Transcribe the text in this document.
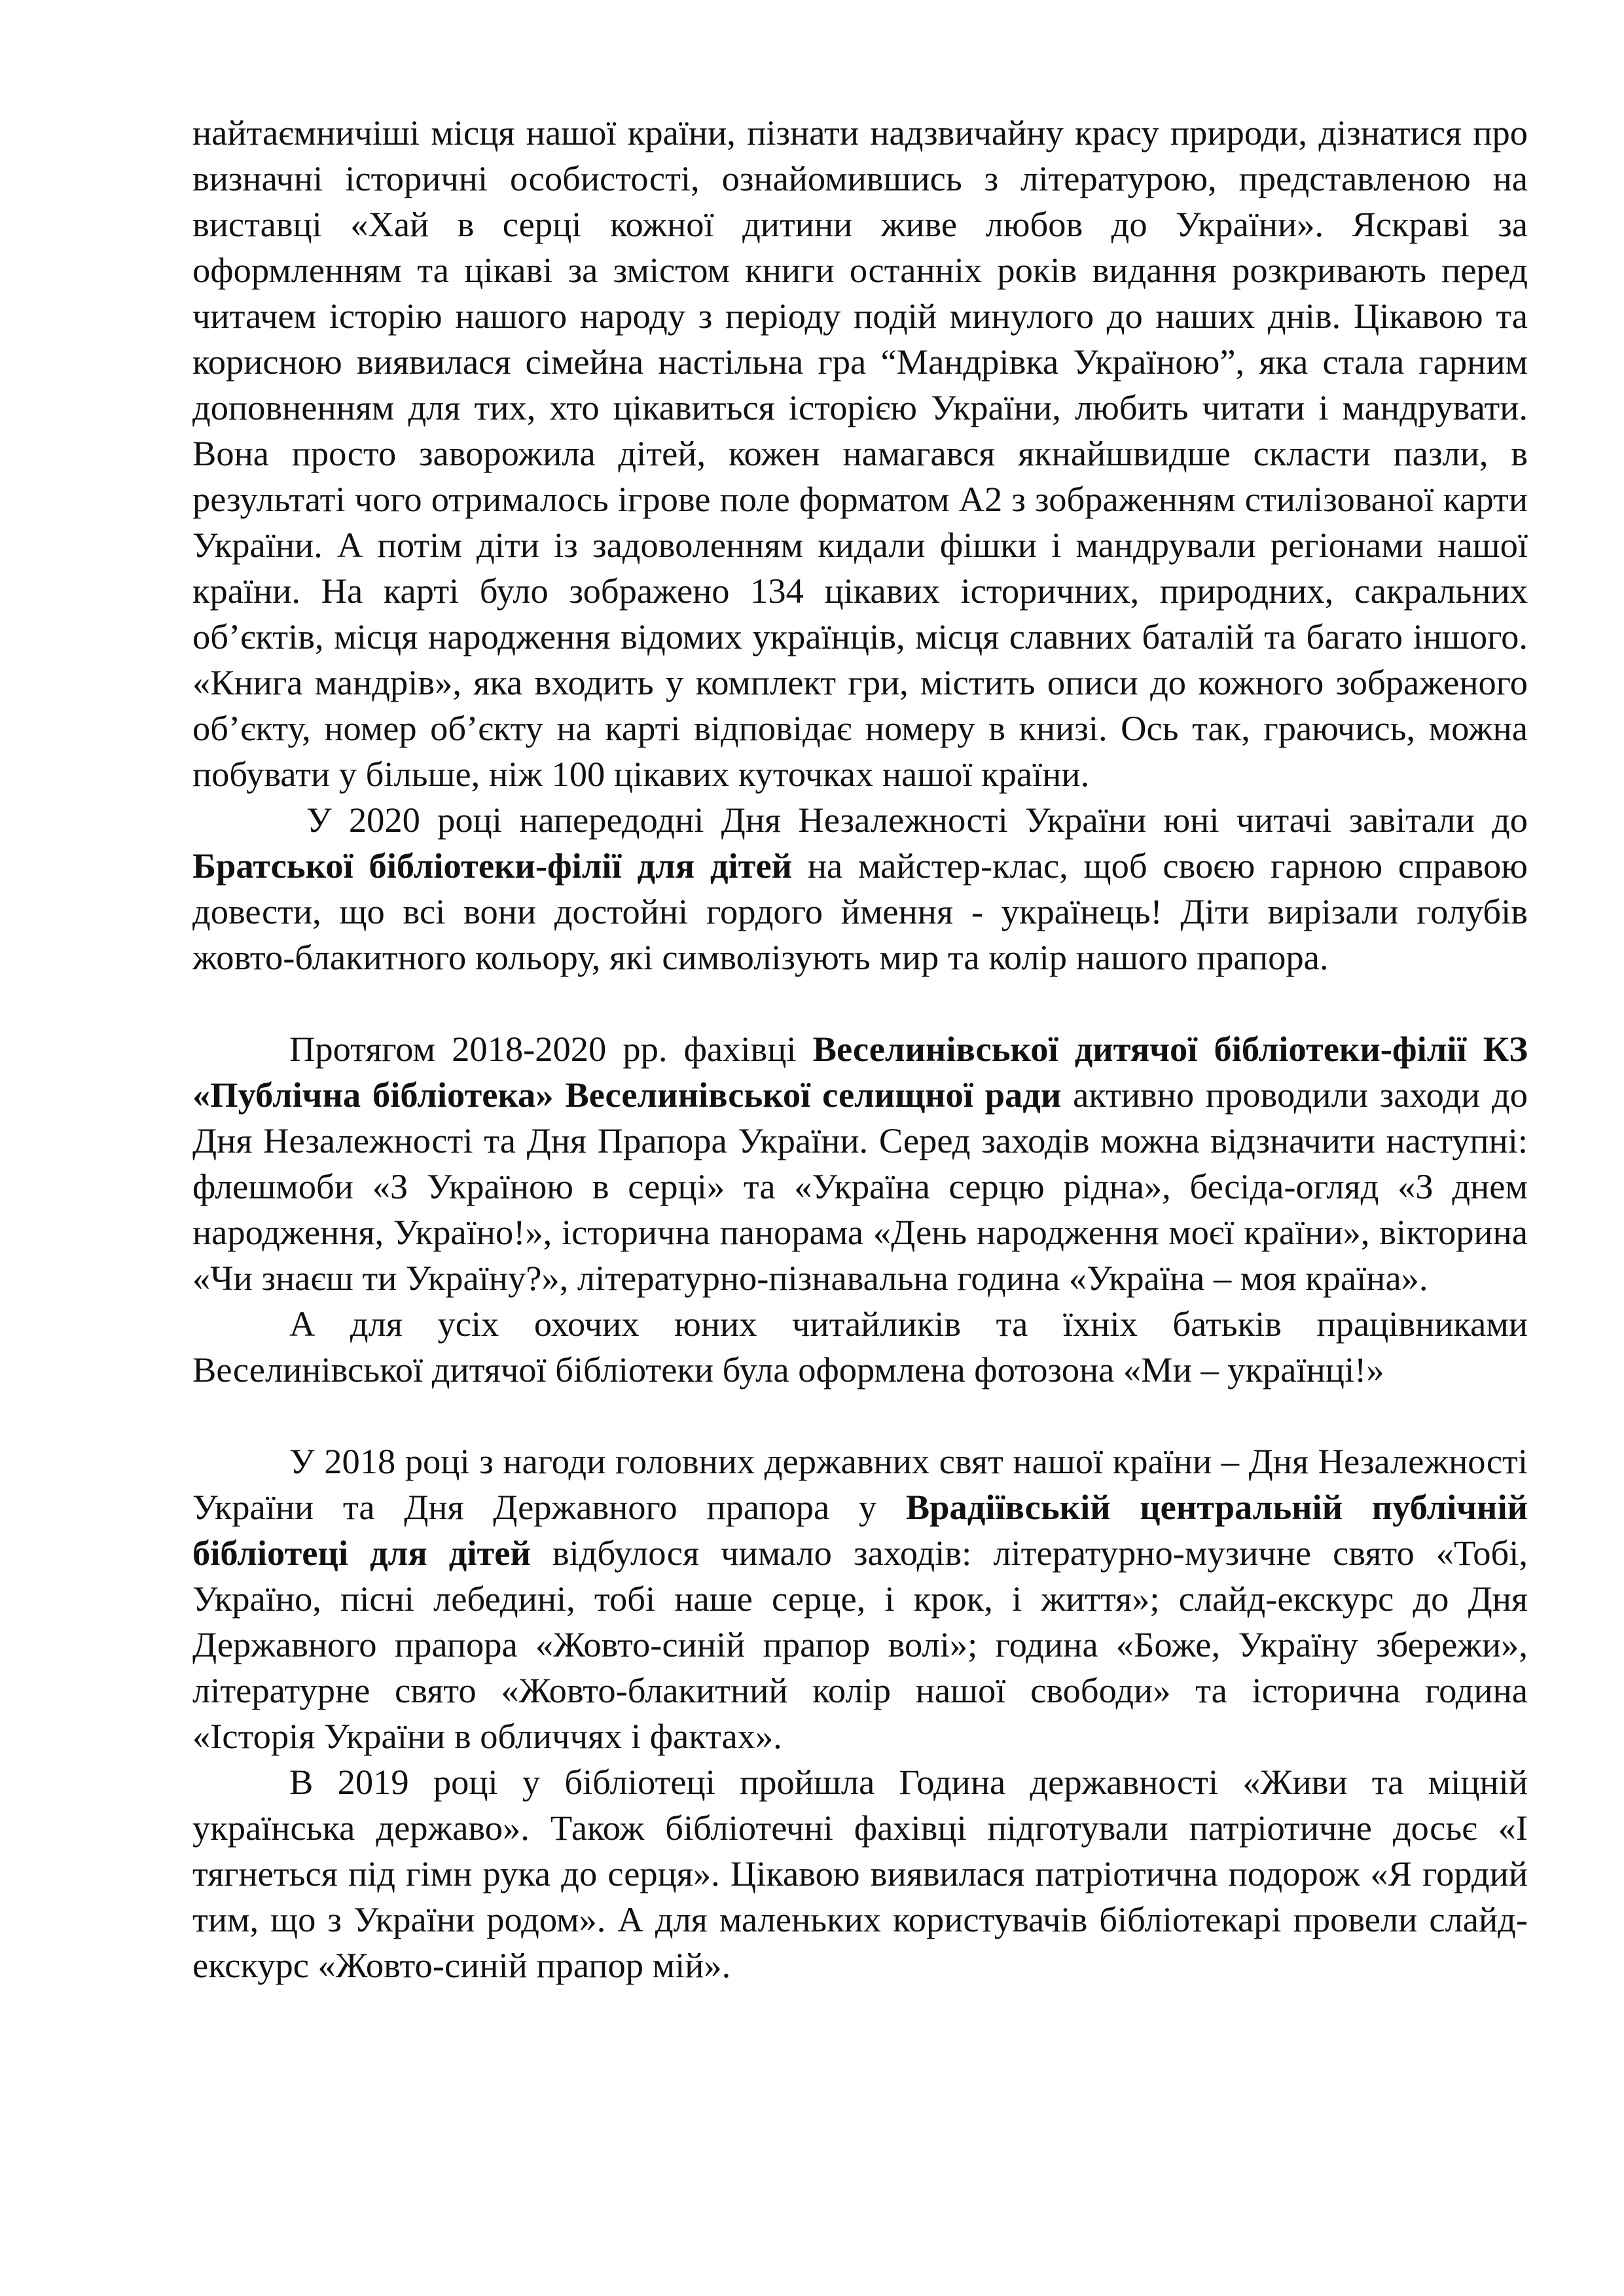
найтаємничіші місця нашої країни, пізнати надзвичайну красу природи, дізнатися про визначні історичні особистості, ознайомившись з літературою, представленою на виставці «Хай в серці кожної дитини живе любов до України». Яскраві за оформленням та цікаві за змістом книги останніх років видання розкривають перед читачем історію нашого народу з періоду подій минулого до наших днів. Цікавою та корисною виявилася сімейна настільна гра “Мандрівка Україною”, яка стала гарним доповненням для тих, хто цікавиться історією України, любить читати і мандрувати. Вона просто заворожила дітей, кожен намагався якнайшвидше скласти пазли, в результаті чого отрималось ігрове поле форматом А2 з зображенням стилізованої карти України. А потім діти із задоволенням кидали фішки і мандрували регіонами нашої країни. На карті було зображено 134 цікавих історичних, природних, сакральних об’єктів, місця народження відомих українців, місця славних баталій та багато іншого. «Книга мандрів», яка входить у комплект гри, містить описи до кожного зображеного об’єкту, номер об’єкту на карті відповідає номеру в книзі. Ось так, граючись, можна побувати у більше, ніж 100 цікавих куточках нашої країни.

У 2020 році напередодні Дня Незалежності України юні читачі завітали до Братської бібліотеки-філії для дітей на майстер-клас, щоб своєю гарною справою довести, що всі вони достойні гордого ймення - українець! Діти вирізали голубів жовто-блакитного кольору, які символізують мир та колір нашого прапора.

Протягом 2018-2020 рр. фахівці Веселинівської дитячої бібліотеки-філії КЗ «Публічна бібліотека» Веселинівської селищної ради активно проводили заходи до Дня Незалежності та Дня Прапора України. Серед заходів можна відзначити наступні: флешмоби «З Україною в серці» та «Україна серцю рідна», бесіда-огляд «З днем народження, Україно!», історична панорама «День народження моєї країни», вікторина «Чи знаєш ти Україну?», літературно-пізнавальна година «Україна – моя країна».

А для усіх охочих юних читайликів та їхніх батьків працівниками Веселинівської дитячої бібліотеки була оформлена фотозона «Ми – українці!»

У 2018 році з нагоди головних державних свят нашої країни – Дня Незалежності України та Дня Державного прапора у Врадіївській центральній публічній бібліотеці для дітей відбулося чимало заходів: літературно-музичне свято «Тобі, Україно, пісні лебедині, тобі наше серце, і крок, і життя»; слайд-екскурс до Дня Державного прапора «Жовто-синій прапор волі»; година «Боже, Україну збережи», літературне свято «Жовто-блакитний колір нашої свободи» та історична година «Історія України в обличчях і фактах».

В 2019 році у бібліотеці пройшла Година державності «Живи та міцній українська державо». Також бібліотечні фахівці підготували патріотичне досьє «І тягнеться під гімн рука до серця». Цікавою виявилася патріотична подорож «Я гордий тим, що з України родом». А для маленьких користувачів бібліотекарі провели слайд-екскурс «Жовто-синій прапор мій».
